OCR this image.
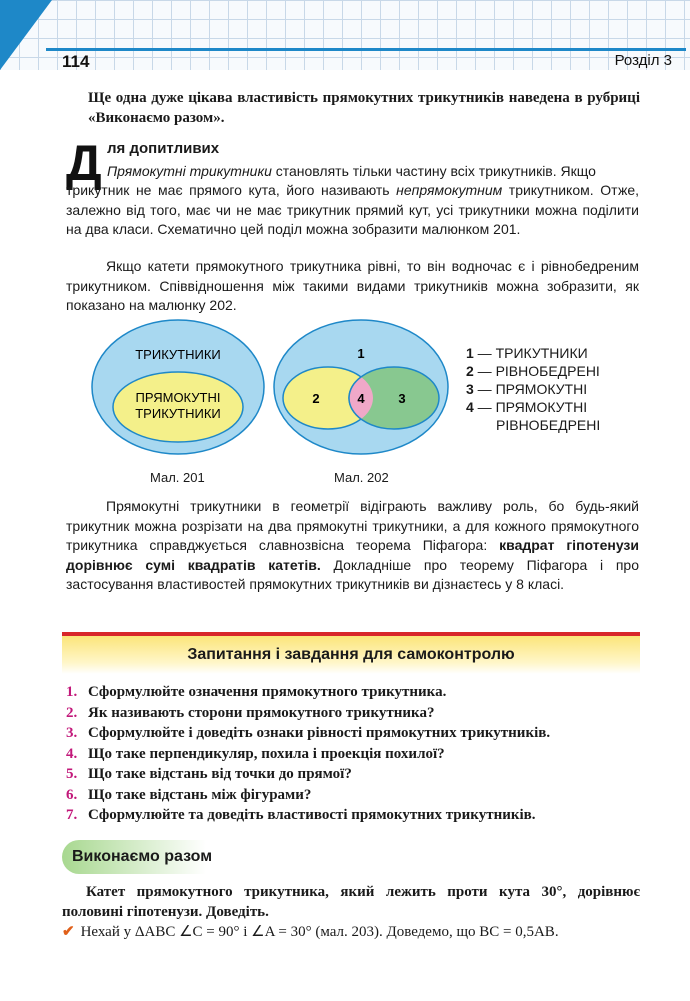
114	Розділ 3
Ще одна дуже цікава властивість прямокутних трикутників наведена в рубриці «Виконаємо разом».
Д ля допитливих
Прямокутні трикутники становлять тільки частину всіх трикутників. Якщо
трикутник не має прямого кута, його називають непрямокутним трикутником. Отже, залежно від того, має чи не має трикутник прямий кут, усі трикутники можна поділити на два класи. Схематично цей поділ можна зобразити малюнком 201.
Якщо катети прямокутного трикутника рівні, то він водночас є і рівнобедреним трикутником. Співвідношення між такими видами трикутників можна зобразити, як показано на малюнку 202.
ТРИКУТНИКИ
ПРЯМОКУТНІ
ТРИКУТНИКИ
1
2	4	3
1 — ТРИКУТНИКИ
2 — РІВНОБЕДРЕНІ
3 — ПРЯМОКУТНІ
4 — ПРЯМОКУТНІ
РІВНОБЕДРЕНІ
Мал. 201	Мал. 202
Прямокутні трикутники в геометрії відіграють важливу роль, бо будь-який трикутник можна розрізати на два прямокутні трикутники, а для кожного прямокутного трикутника справджується славнозвісна теорема Піфагора: квадрат гіпотенузи дорівнює сумі квадратів катетів. Докладніше про теорему Піфагора і про застосування властивостей прямокутних трикутників ви дізнаєтесь у 8 класі.
Запитання і завдання для самоконтролю
1. Сформулюйте означення прямокутного трикутника.
2. Як називають сторони прямокутного трикутника?
3. Сформулюйте і доведіть ознаки рівності прямокутних трикутників.
4. Що таке перпендикуляр, похила і проекція похилої?
5. Що таке відстань від точки до прямої?
6. Що таке відстань між фігурами?
7. Сформулюйте та доведіть властивості прямокутних трикутників.
Виконаємо разом
Катет прямокутного трикутника, який лежить проти кута 30°, дорівнює половині гіпотенузи. Доведіть.
✔ Нехай у ΔABC ∠C = 90° і ∠A = 30° (мал. 203). Доведемо, що BC = 0,5AB.
